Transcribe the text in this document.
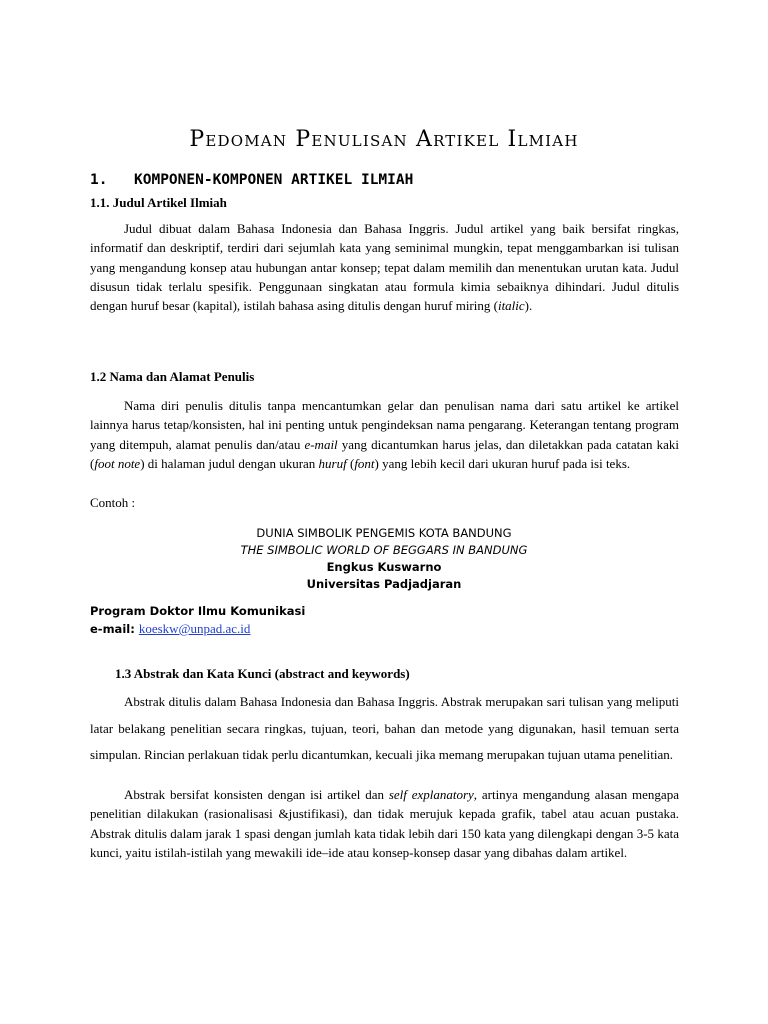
Pedoman Penulisan Artikel Ilmiah
1. KOMPONEN-KOMPONEN ARTIKEL ILMIAH
1.1. Judul Artikel Ilmiah
Judul dibuat dalam Bahasa Indonesia dan Bahasa Inggris. Judul artikel yang baik bersifat ringkas, informatif dan deskriptif, terdiri dari sejumlah kata yang seminimal mungkin, tepat menggambarkan isi tulisan yang mengandung konsep atau hubungan antar konsep; tepat dalam memilih dan menentukan urutan kata. Judul disusun tidak terlalu spesifik. Penggunaan singkatan atau formula kimia sebaiknya dihindari. Judul ditulis dengan huruf besar (kapital), istilah bahasa asing ditulis dengan huruf miring (italic).
1.2 Nama dan Alamat Penulis
Nama diri penulis ditulis tanpa mencantumkan gelar dan penulisan nama dari satu artikel ke artikel lainnya harus tetap/konsisten, hal ini penting untuk pengindeksan nama pengarang. Keterangan tentang program yang ditempuh, alamat penulis dan/atau e-mail yang dicantumkan harus jelas, dan diletakkan pada catatan kaki (foot note) di halaman judul dengan ukuran huruf (font) yang lebih kecil dari ukuran huruf pada isi teks.
Contoh :
DUNIA SIMBOLIK PENGEMIS KOTA BANDUNG
THE SIMBOLIC WORLD OF BEGGARS IN BANDUNG
Engkus Kuswarno
Universitas Padjadjaran
Program Doktor Ilmu Komunikasi
e-mail: koeskw@unpad.ac.id
1.3 Abstrak dan Kata Kunci (abstract and keywords)
Abstrak ditulis dalam Bahasa Indonesia dan Bahasa Inggris. Abstrak merupakan sari tulisan yang meliputi latar belakang penelitian secara ringkas, tujuan, teori, bahan dan metode yang digunakan, hasil temuan serta simpulan. Rincian perlakuan tidak perlu dicantumkan, kecuali jika memang merupakan tujuan utama penelitian.
Abstrak bersifat konsisten dengan isi artikel dan self explanatory, artinya mengandung alasan mengapa penelitian dilakukan (rasionalisasi &justifikasi), dan tidak merujuk kepada grafik, tabel atau acuan pustaka. Abstrak ditulis dalam jarak 1 spasi dengan jumlah kata tidak lebih dari 150 kata yang dilengkapi dengan 3-5 kata kunci, yaitu istilah-istilah yang mewakili ide–ide atau konsep-konsep dasar yang dibahas dalam artikel.
